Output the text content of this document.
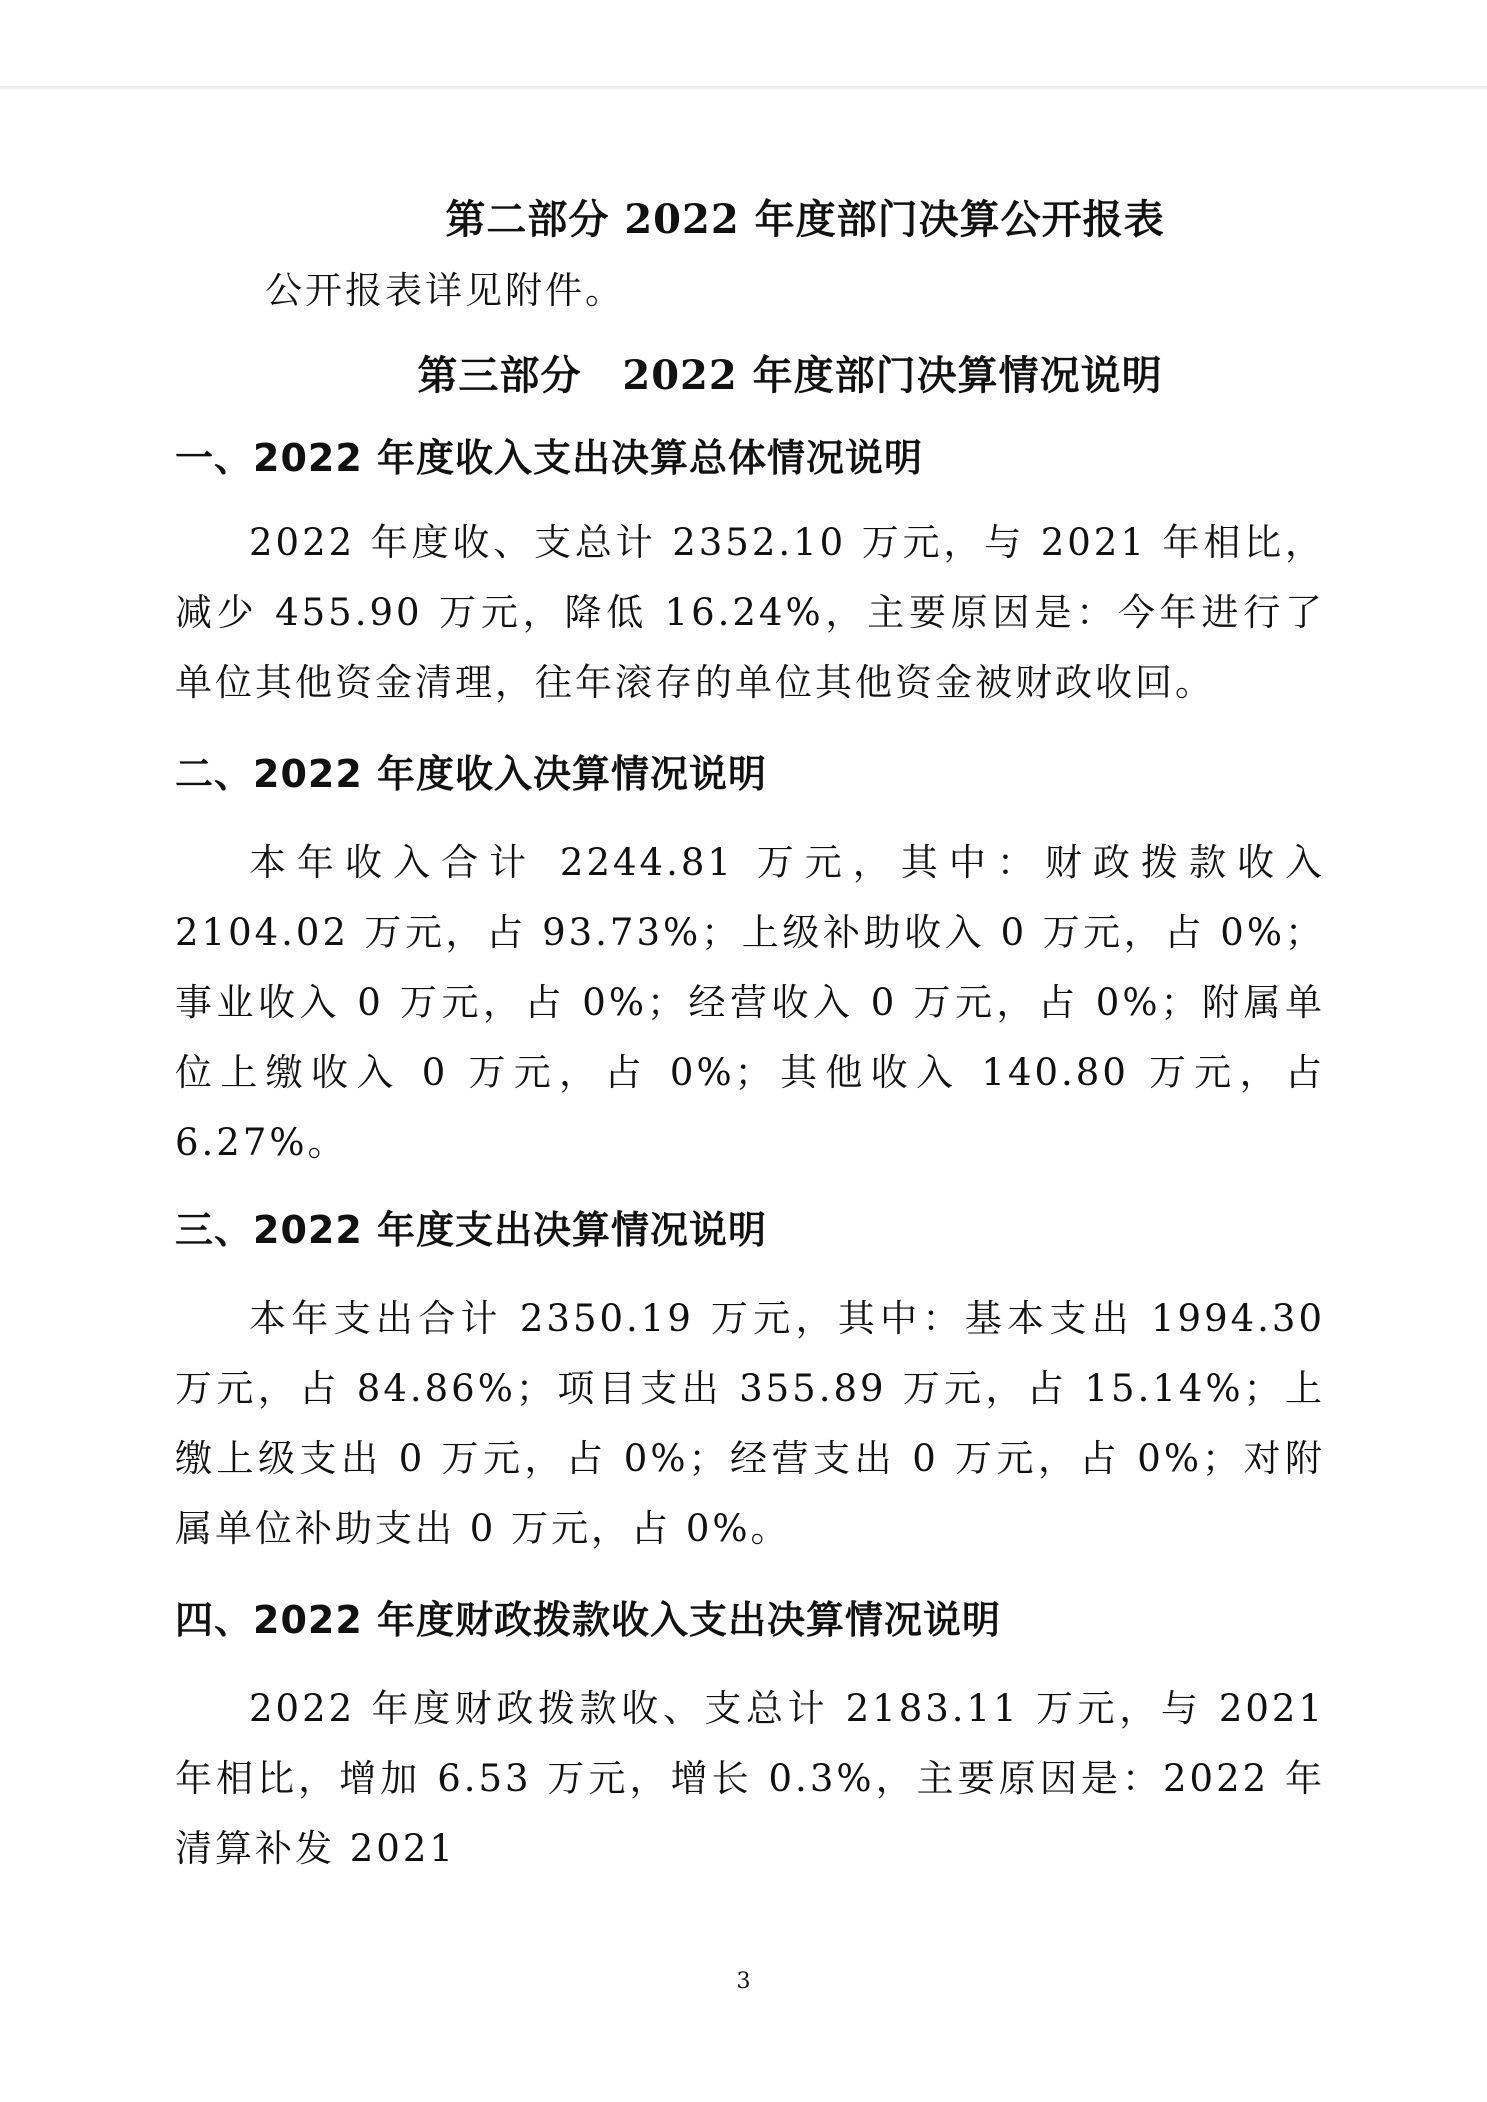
第二部分 2022 年度部门决算公开报表

公开报表详见附件。

第三部分　2022 年度部门决算情况说明
一、2022 年度收入支出决算总体情况说明

2022 年度收、支总计 2352.10 万元，与 2021 年相比，减少 455.90 万元，降低 16.24%，主要原因是：今年进行了单位其他资金清理，往年滚存的单位其他资金被财政收回。

二、2022 年度收入决算情况说明

本年收入合计 2244.81 万元，其中：财政拨款收入 2104.02 万元，占 93.73%；上级补助收入 0 万元，占 0%；事业收入 0 万元，占 0%；经营收入 0 万元，占 0%；附属单位上缴收入 0 万元，占 0%；其他收入 140.80 万元，占 6.27%。

三、2022 年度支出决算情况说明

本年支出合计 2350.19 万元，其中：基本支出 1994.30 万元，占 84.86%；项目支出 355.89 万元，占 15.14%；上缴上级支出 0 万元，占 0%；经营支出 0 万元，占 0%；对附属单位补助支出 0 万元，占 0%。

四、2022 年度财政拨款收入支出决算情况说明

2022 年度财政拨款收、支总计 2183.11 万元，与 2021 年相比，增加 6.53 万元，增长 0.3%，主要原因是：2022 年清算补发 2021

3
